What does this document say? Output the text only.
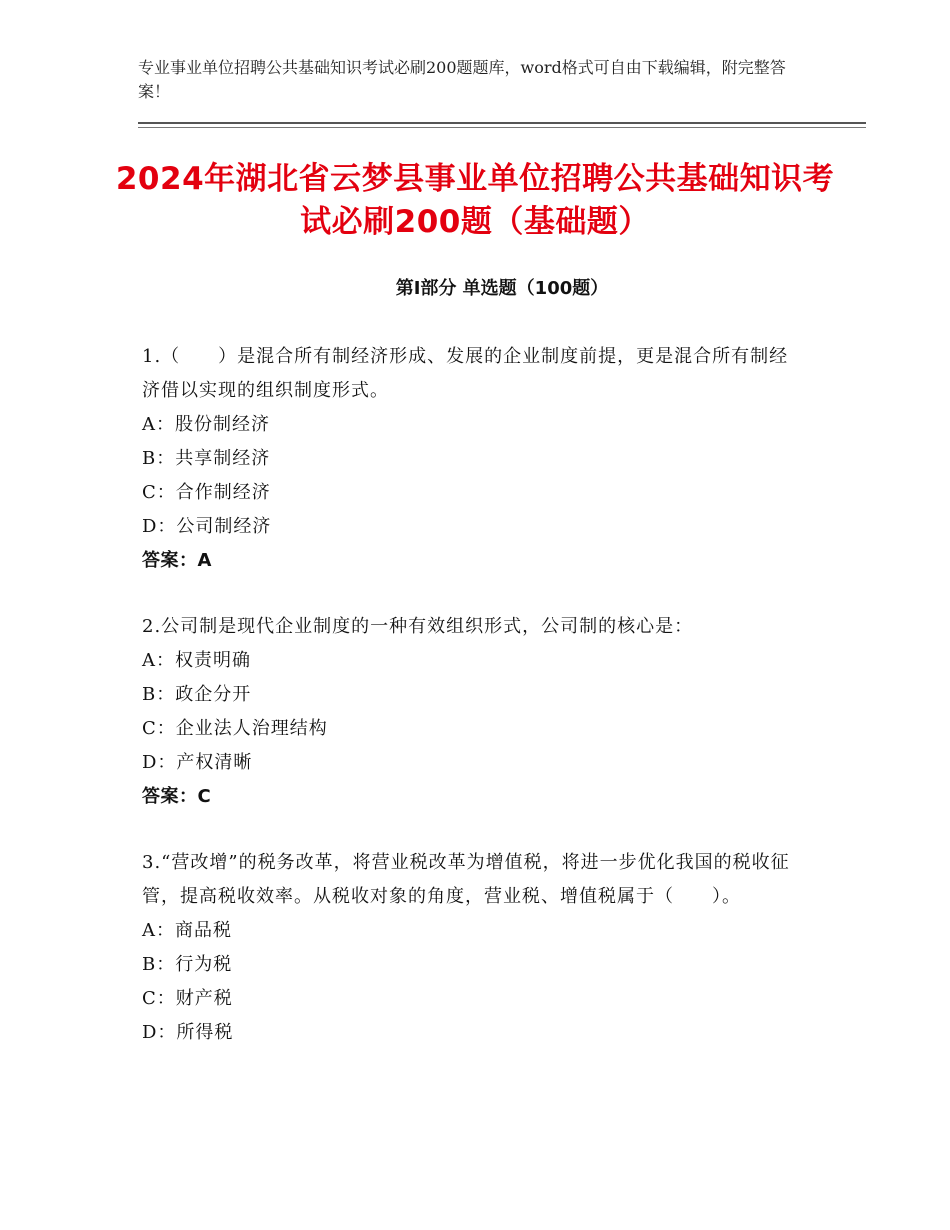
专业事业单位招聘公共基础知识考试必刷200题题库，word格式可自由下载编辑，附完整答案！
2024年湖北省云梦县事业单位招聘公共基础知识考试必刷200题（基础题）
第Ⅰ部分 单选题（100题）
1.（　　）是混合所有制经济形成、发展的企业制度前提，更是混合所有制经济借以实现的组织制度形式。
A：股份制经济
B：共享制经济
C：合作制经济
D：公司制经济
答案：A
2.公司制是现代企业制度的一种有效组织形式，公司制的核心是：
A：权责明确
B：政企分开
C：企业法人治理结构
D：产权清晰
答案：C
3.“营改增”的税务改革，将营业税改革为增值税，将进一步优化我国的税收征管，提高税收效率。从税收对象的角度，营业税、增值税属于（　　）。
A：商品税
B：行为税
C：财产税
D：所得税
